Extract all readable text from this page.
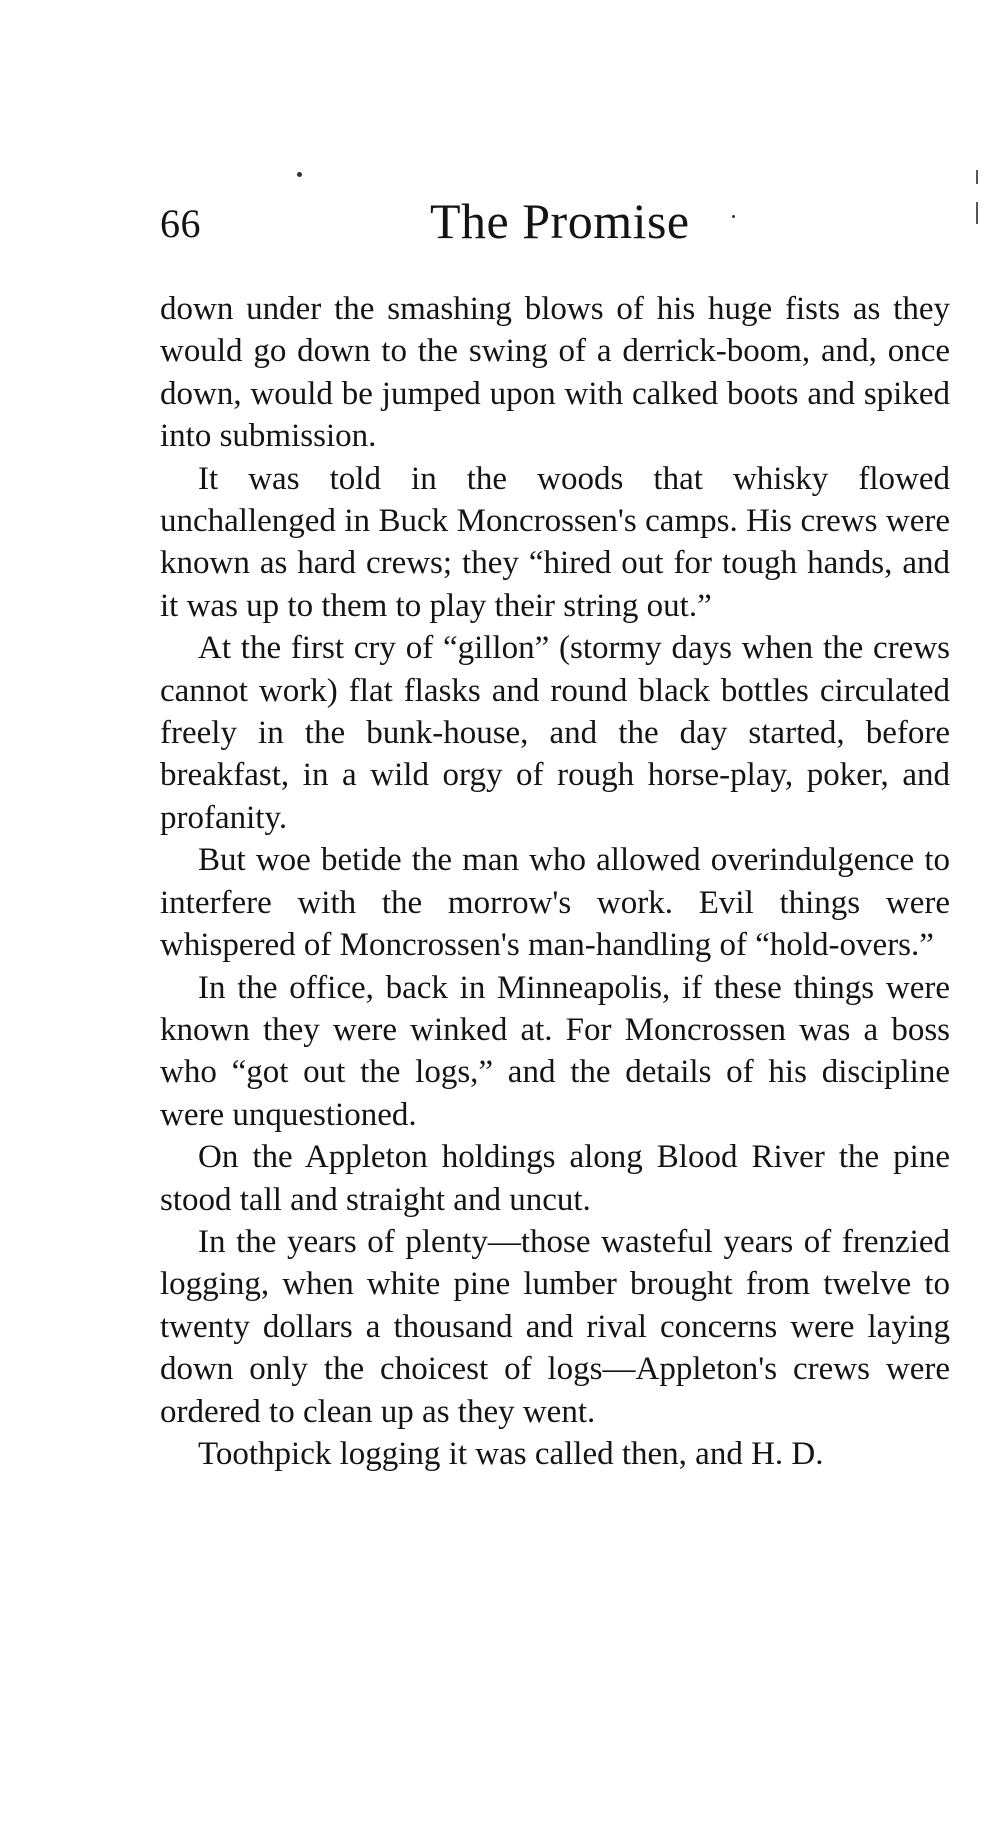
66	The Promise

down under the smashing blows of his huge fists as they would go down to the swing of a derrick-boom, and, once down, would be jumped upon with calked boots and spiked into submission.

It was told in the woods that whisky flowed unchallenged in Buck Moncrossen's camps. His crews were known as hard crews; they “hired out for tough hands, and it was up to them to play their string out.”

At the first cry of “gillon” (stormy days when the crews cannot work) flat flasks and round black bottles circulated freely in the bunk-house, and the day started, before breakfast, in a wild orgy of rough horse-play, poker, and profanity.

But woe betide the man who allowed overindulgence to interfere with the morrow's work. Evil things were whispered of Moncrossen's man-handling of “hold-overs.”

In the office, back in Minneapolis, if these things were known they were winked at. For Moncrossen was a boss who “got out the logs,” and the details of his discipline were unquestioned.

On the Appleton holdings along Blood River the pine stood tall and straight and uncut.

In the years of plenty—those wasteful years of frenzied logging, when white pine lumber brought from twelve to twenty dollars a thousand and rival concerns were laying down only the choicest of logs—Appleton's crews were ordered to clean up as they went.

Toothpick logging it was called then, and H. D.
